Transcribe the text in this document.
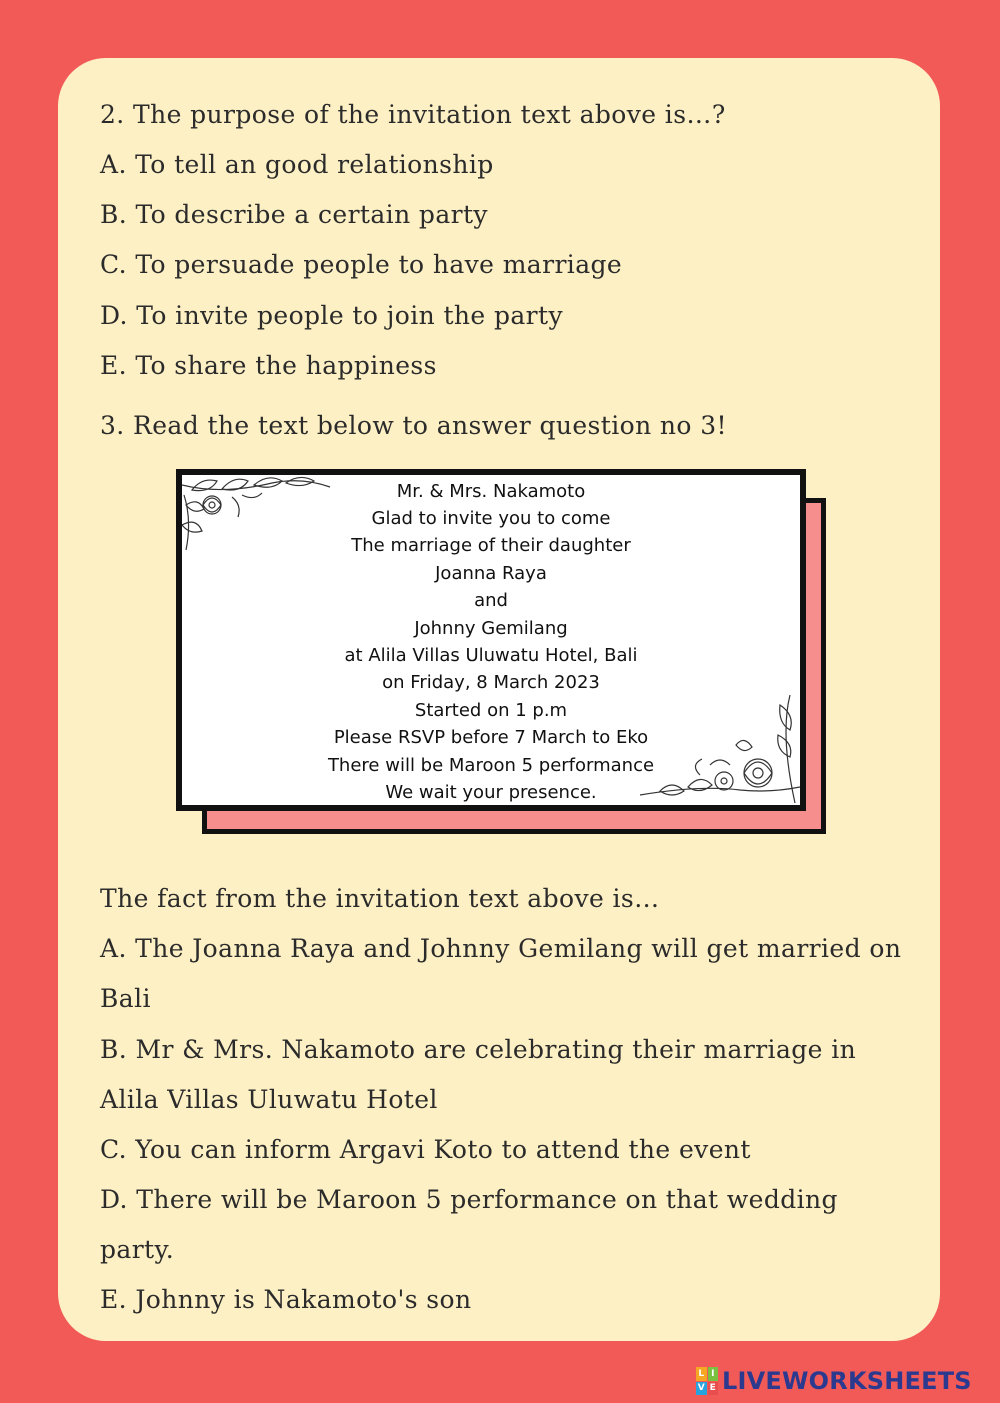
2. The purpose of the invitation text above is…?

A. To tell an good relationship

B. To describe a certain party

C. To persuade people to have marriage

D. To invite people to join the party

E. To share the happiness

3. Read the text below to answer question no 3!

Mr. & Mrs. Nakamoto

Glad to invite you to come

The marriage of their daughter

Joanna Raya

and

Johnny Gemilang

at Alila Villas Uluwatu Hotel, Bali

on Friday, 8 March 2023

Started on 1 p.m

Please RSVP before 7 March to Eko

There will be Maroon 5 performance

We wait your presence.

The fact from the invitation text above is…

A. The Joanna Raya and Johnny Gemilang will get married on

Bali

B. Mr & Mrs. Nakamoto are celebrating their marriage in

Alila Villas Uluwatu Hotel

C. You can inform Argavi Koto to attend the event

D. There will be Maroon 5 performance on that wedding

party.

E. Johnny is Nakamoto's son

L I
V E LIVEWORKSHEETS
